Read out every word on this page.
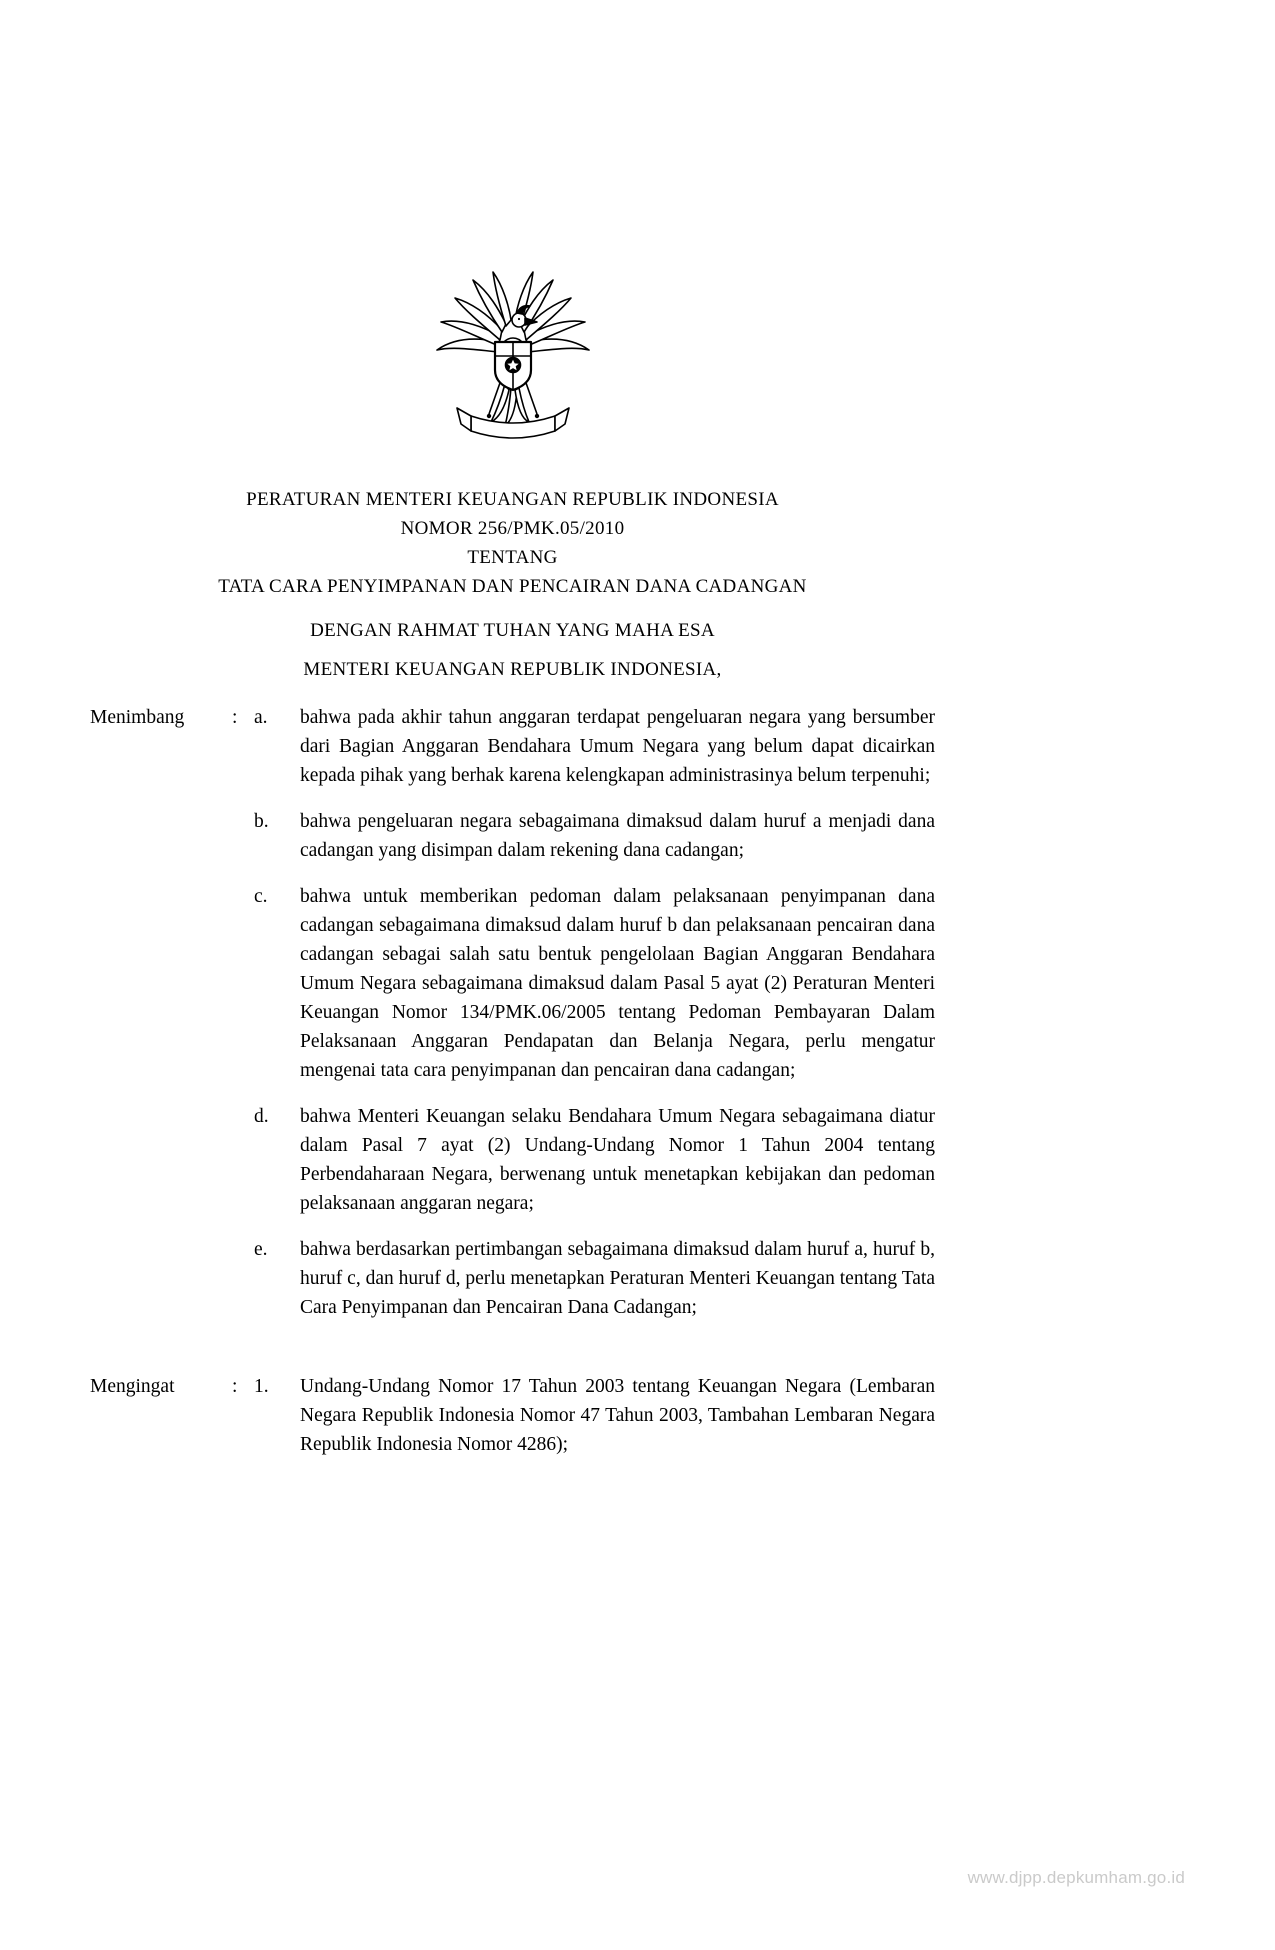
PERATURAN MENTERI KEUANGAN REPUBLIK INDONESIA
NOMOR 256/PMK.05/2010
TENTANG
TATA CARA PENYIMPANAN DAN PENCAIRAN DANA CADANGAN
DENGAN RAHMAT TUHAN YANG MAHA ESA
MENTERI KEUANGAN REPUBLIK INDONESIA,
Menimbang	: a.	bahwa pada akhir tahun anggaran terdapat pengeluaran negara yang bersumber dari Bagian Anggaran Bendahara Umum Negara yang belum dapat dicairkan kepada pihak yang berhak karena kelengkapan administrasinya belum terpenuhi;
b.	bahwa pengeluaran negara sebagaimana dimaksud dalam huruf a menjadi dana cadangan yang disimpan dalam rekening dana cadangan;
c.	bahwa untuk memberikan pedoman dalam pelaksanaan penyimpanan dana cadangan sebagaimana dimaksud dalam huruf b dan pelaksanaan pencairan dana cadangan sebagai salah satu bentuk pengelolaan Bagian Anggaran Bendahara Umum Negara sebagaimana dimaksud dalam Pasal 5 ayat (2) Peraturan Menteri Keuangan Nomor 134/PMK.06/2005 tentang Pedoman Pembayaran Dalam Pelaksanaan Anggaran Pendapatan dan Belanja Negara, perlu mengatur mengenai tata cara penyimpanan dan pencairan dana cadangan;
d.	bahwa Menteri Keuangan selaku Bendahara Umum Negara sebagaimana diatur dalam Pasal 7 ayat (2) Undang-Undang Nomor 1 Tahun 2004 tentang Perbendaharaan Negara, berwenang untuk menetapkan kebijakan dan pedoman pelaksanaan anggaran negara;
e.	bahwa berdasarkan pertimbangan sebagaimana dimaksud dalam huruf a, huruf b, huruf c, dan huruf d, perlu menetapkan Peraturan Menteri Keuangan tentang Tata Cara Penyimpanan dan Pencairan Dana Cadangan;
Mengingat	: 1.	Undang-Undang Nomor 17 Tahun 2003 tentang Keuangan Negara (Lembaran Negara Republik Indonesia Nomor 47 Tahun 2003, Tambahan Lembaran Negara Republik Indonesia Nomor 4286);
www.djpp.depkumham.go.id
